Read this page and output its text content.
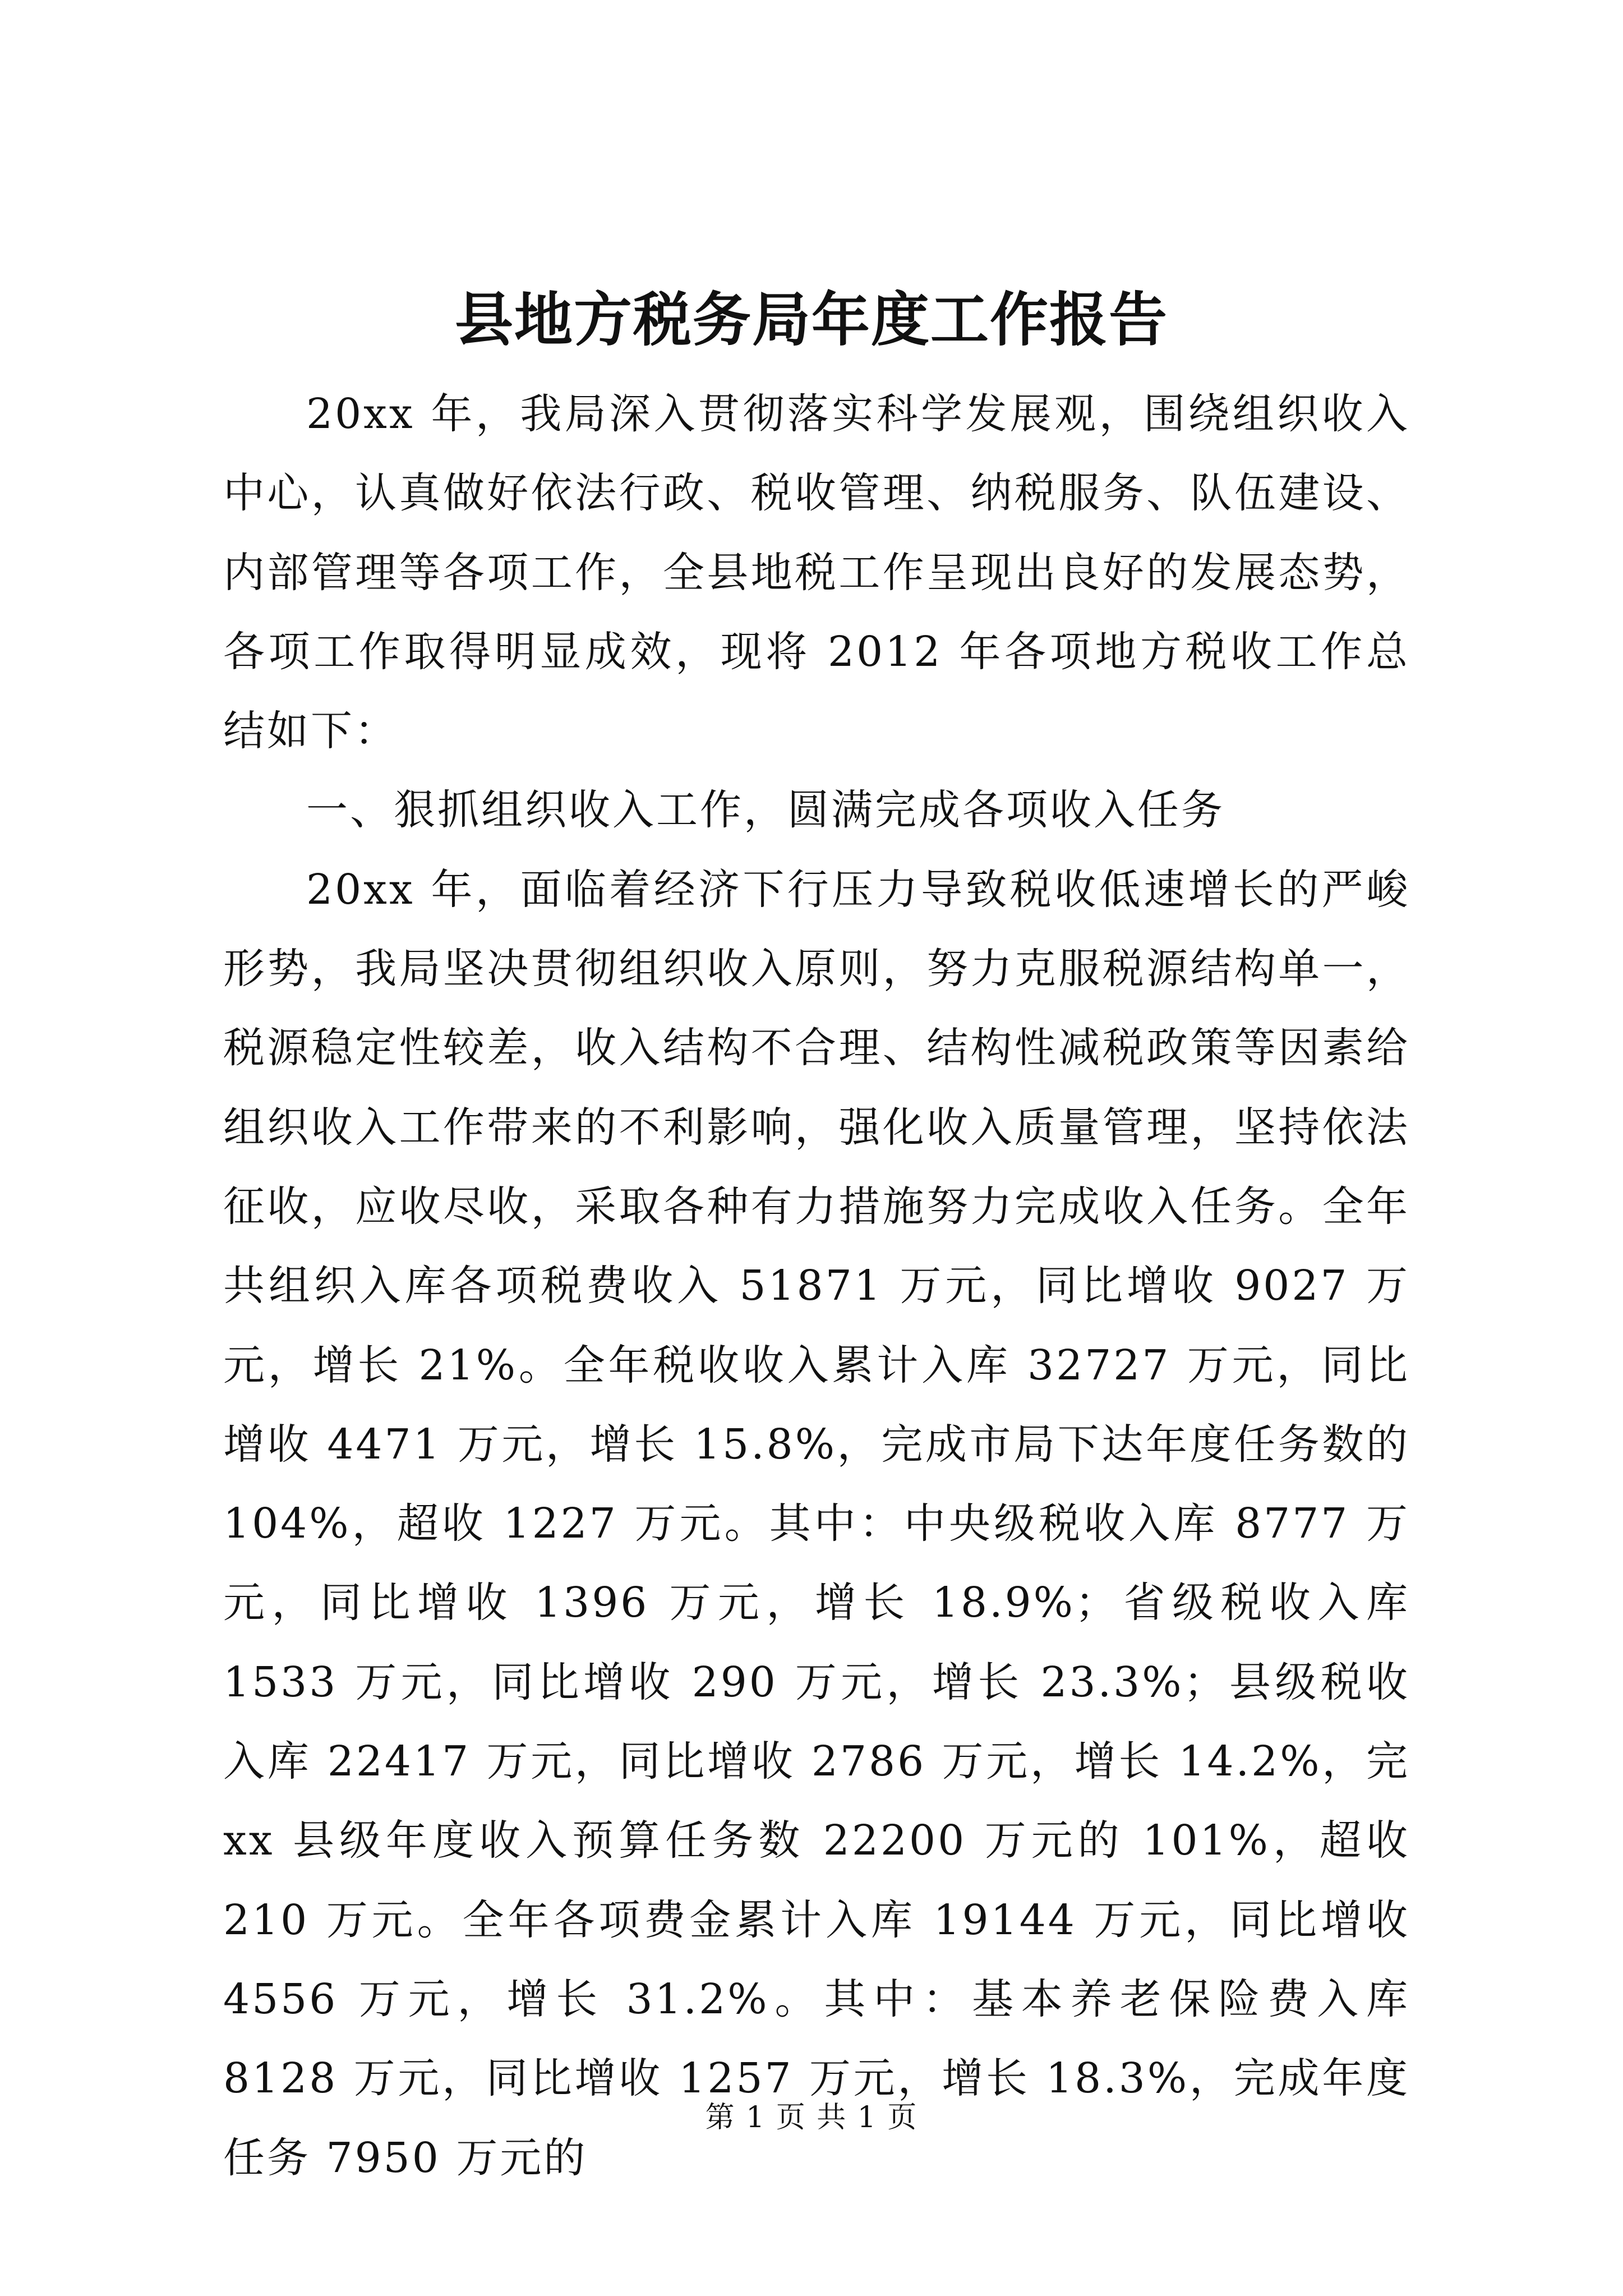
县地方税务局年度工作报告

20xx 年，我局深入贯彻落实科学发展观，围绕组织收入中心，认真做好依法行政、税收管理、纳税服务、队伍建设、内部管理等各项工作，全县地税工作呈现出良好的发展态势，各项工作取得明显成效，现将 2012 年各项地方税收工作总结如下：

一、狠抓组织收入工作，圆满完成各项收入任务

20xx 年，面临着经济下行压力导致税收低速增长的严峻形势，我局坚决贯彻组织收入原则，努力克服税源结构单一，税源稳定性较差，收入结构不合理、结构性减税政策等因素给组织收入工作带来的不利影响，强化收入质量管理，坚持依法征收，应收尽收，采取各种有力措施努力完成收入任务。全年共组织入库各项税费收入 51871 万元，同比增收 9027 万元，增长 21%。全年税收收入累计入库 32727 万元，同比增收 4471 万元，增长 15.8%，完成市局下达年度任务数的 104%，超收 1227 万元。其中：中央级税收入库 8777 万元，同比增收 1396 万元，增长 18.9%；省级税收入库 1533 万元，同比增收 290 万元，增长 23.3%；县级税收入库 22417 万元，同比增收 2786 万元，增长 14.2%，完 xx 县级年度收入预算任务数 22200 万元的 101%，超收 210 万元。全年各项费金累计入库 19144 万元，同比增收 4556 万元，增长 31.2%。其中：基本养老保险费入库 8128 万元，同比增收 1257 万元，增长 18.3%，完成年度任务 7950 万元的

第 1 页 共 1 页
